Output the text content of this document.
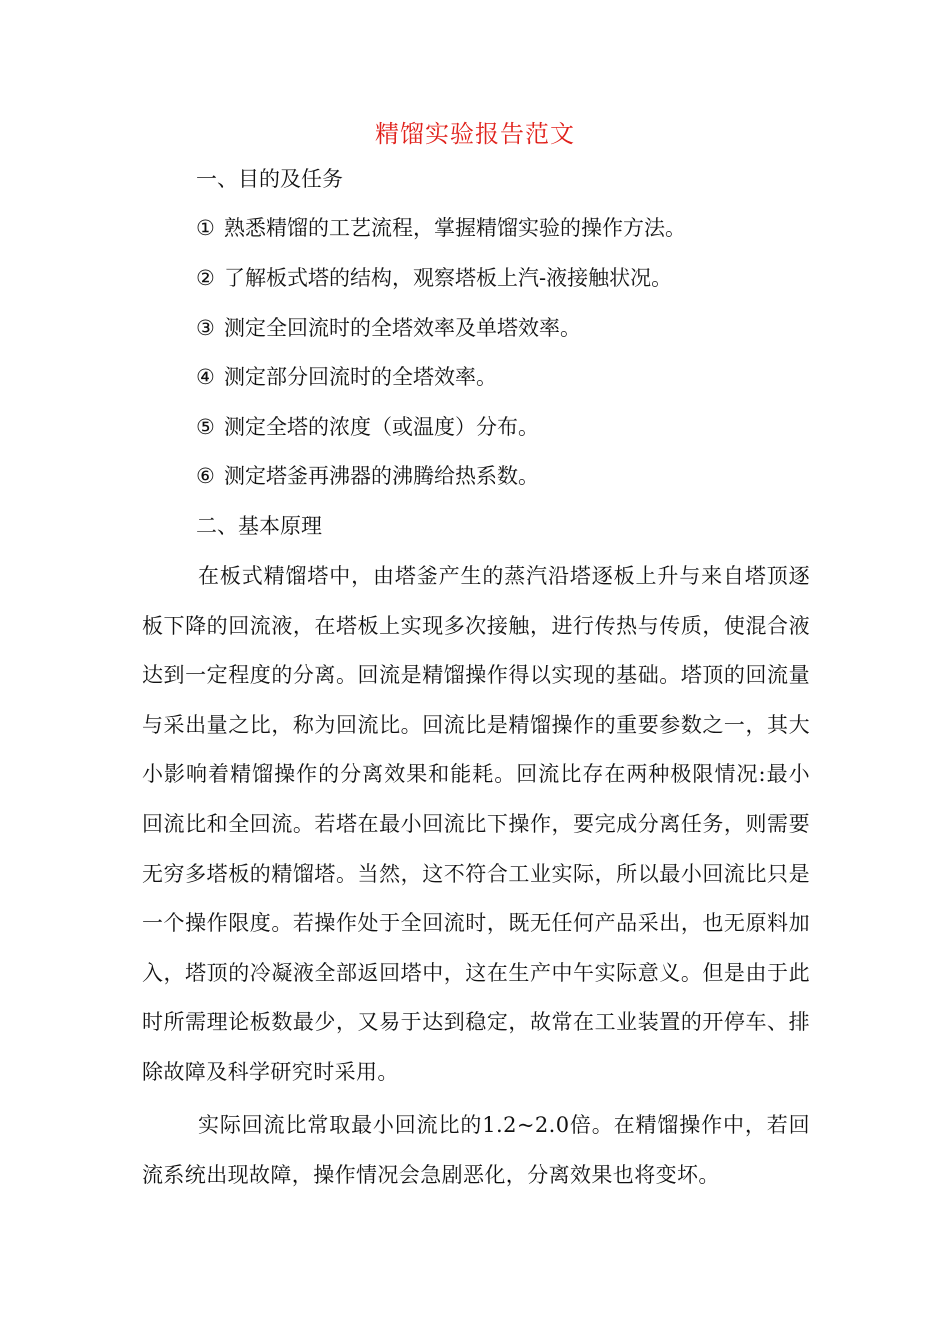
精馏实验报告范文
一、目的及任务
① 熟悉精馏的工艺流程，掌握精馏实验的操作方法。
② 了解板式塔的结构，观察塔板上汽-液接触状况。
③ 测定全回流时的全塔效率及单塔效率。
④ 测定部分回流时的全塔效率。
⑤ 测定全塔的浓度（或温度）分布。
⑥ 测定塔釜再沸器的沸腾给热系数。
二、基本原理
在板式精馏塔中，由塔釜产生的蒸汽沿塔逐板上升与来自塔顶逐板下降的回流液，在塔板上实现多次接触，进行传热与传质，使混合液达到一定程度的分离。回流是精馏操作得以实现的基础。塔顶的回流量与采出量之比，称为回流比。回流比是精馏操作的重要参数之一，其大小影响着精馏操作的分离效果和能耗。回流比存在两种极限情况:最小回流比和全回流。若塔在最小回流比下操作，要完成分离任务，则需要无穷多塔板的精馏塔。当然，这不符合工业实际，所以最小回流比只是一个操作限度。若操作处于全回流时，既无任何产品采出，也无原料加入，塔顶的冷凝液全部返回塔中，这在生产中午实际意义。但是由于此时所需理论板数最少，又易于达到稳定，故常在工业装置的开停车、排除故障及科学研究时采用。
实际回流比常取最小回流比的1.2~2.0倍。在精馏操作中，若回流系统出现故障，操作情况会急剧恶化，分离效果也将变坏。
